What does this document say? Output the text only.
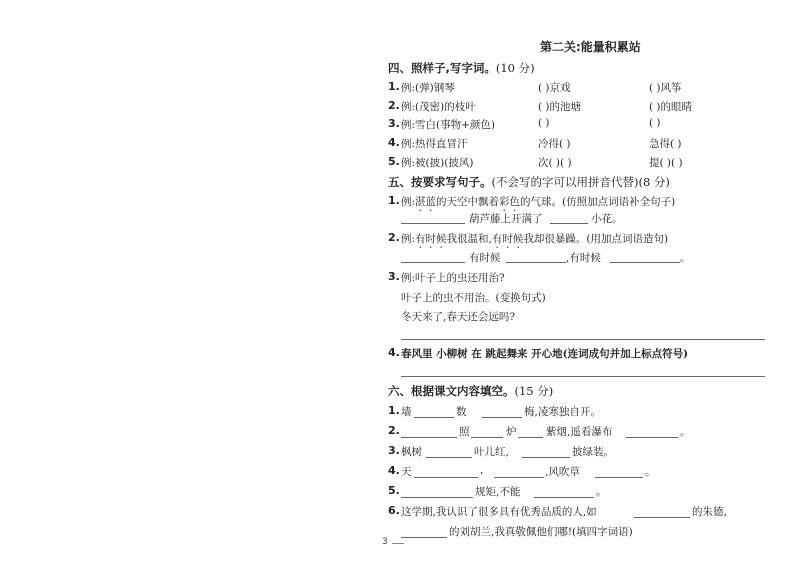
第二关:能量积累站
四、照样子,写字词。(10 分)
1. 例:(弹)钢琴	( )京戏	( )风筝
2. 例:(茂密)的枝叶	( )的池塘	( )的眼睛
3. 例:雪白(事物+颜色)	( )	( )
4. 例:热得直冒汗	冷得( )	急得( )
5. 例:被(披)(披风)	次( )( )	提( )( )
五、按要求写句子。(不会写的字可以用拼音代替)(8 分)
1. 例:湛蓝的天空中飘着彩色的气球。(仿照加点词语补全句子)
葫芦藤上开满了	小花。
2. 例:有时候我很温和,有时候我却很暴躁。(用加点词语造句)
有时候	,有时候	。
3. 例:叶子上的虫还用治?
叶子上的虫不用治。(变换句式)
冬天来了,春天还会远吗?
4. 春风里 小柳树 在 跳起舞来 开心地(连词成句并加上标点符号)
六、根据课文内容填空。(15 分)
1. 墙	数	梅,凌寒独自开。
2.	照	炉	紫烟,遥看瀑布	。
3. 枫树	叶儿红,	披绿装。
4. 天	,	,风吹草	。
5.	规矩,不能	。
6. 这学期,我认识了很多具有优秀品质的人,如	的朱德,
的刘胡兰,我真敬佩他们哪!(填四字词语)
3
